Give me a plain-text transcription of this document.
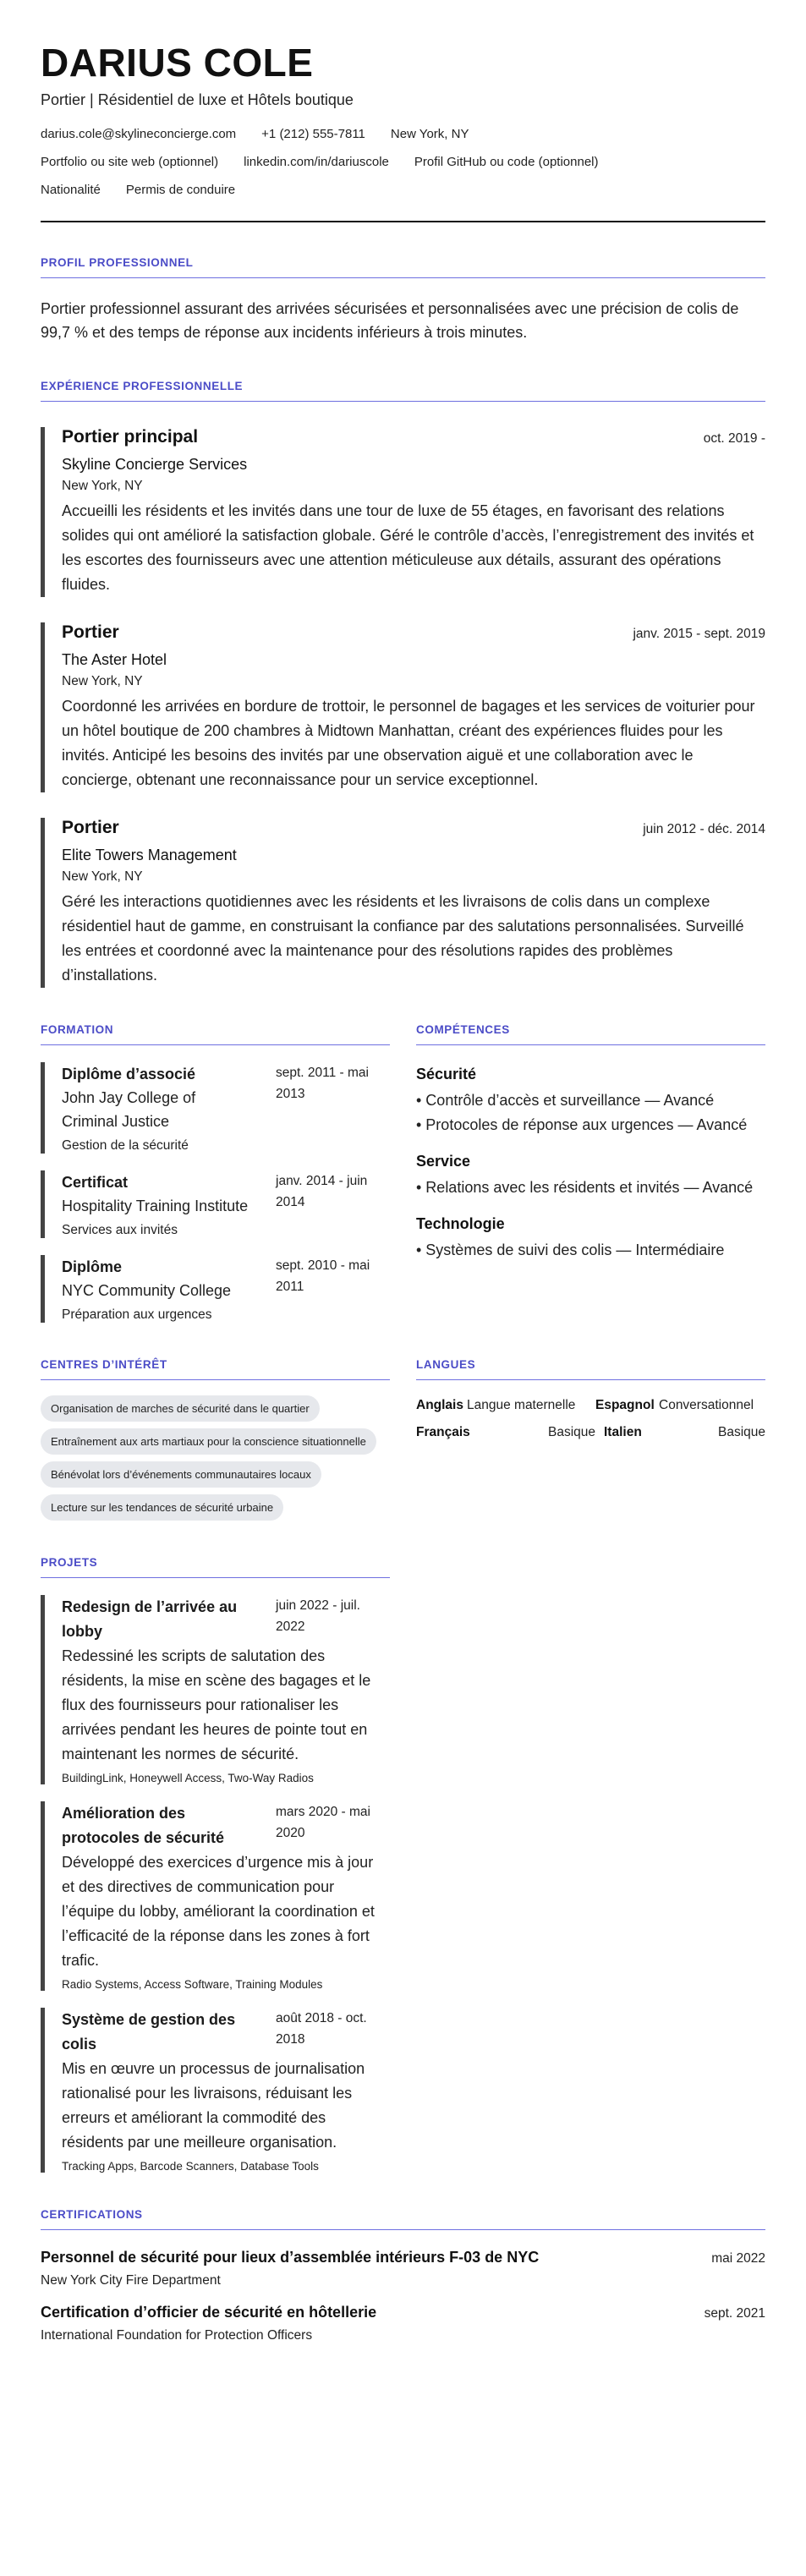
DARIUS COLE
Portier | Résidentiel de luxe et Hôtels boutique
darius.cole@skylineconcierge.com +1 (212) 555-7811 New York, NY
Portfolio ou site web (optionnel) linkedin.com/in/dariuscole Profil GitHub ou code (optionnel)
Nationalité Permis de conduire
PROFIL PROFESSIONNEL
Portier professionnel assurant des arrivées sécurisées et personnalisées avec une précision de colis de 99,7 % et des temps de réponse aux incidents inférieurs à trois minutes.
EXPÉRIENCE PROFESSIONNELLE
Portier principal	oct. 2019 -
Skyline Concierge Services
New York, NY
Accueilli les résidents et les invités dans une tour de luxe de 55 étages, en favorisant des relations solides qui ont amélioré la satisfaction globale. Géré le contrôle d’accès, l’enregistrement des invités et les escortes des fournisseurs avec une attention méticuleuse aux détails, assurant des opérations fluides.
Portier	janv. 2015 - sept. 2019
The Aster Hotel
New York, NY
Coordonné les arrivées en bordure de trottoir, le personnel de bagages et les services de voiturier pour un hôtel boutique de 200 chambres à Midtown Manhattan, créant des expériences fluides pour les invités. Anticipé les besoins des invités par une observation aiguë et une collaboration avec le concierge, obtenant une reconnaissance pour un service exceptionnel.
Portier	juin 2012 - déc. 2014
Elite Towers Management
New York, NY
Géré les interactions quotidiennes avec les résidents et les livraisons de colis dans un complexe résidentiel haut de gamme, en construisant la confiance par des salutations personnalisées. Surveillé les entrées et coordonné avec la maintenance pour des résolutions rapides des problèmes d’installations.
FORMATION
Diplôme d’associé
John Jay College of Criminal Justice
Gestion de la sécurité
sept. 2011 - mai 2013
Certificat
Hospitality Training Institute
Services aux invités
janv. 2014 - juin 2014
Diplôme
NYC Community College
Préparation aux urgences
sept. 2010 - mai 2011
COMPÉTENCES
Sécurité
• Contrôle d’accès et surveillance — Avancé
• Protocoles de réponse aux urgences — Avancé
Service
• Relations avec les résidents et invités — Avancé
Technologie
• Systèmes de suivi des colis — Intermédiaire
CENTRES D’INTÉRÊT
Organisation de marches de sécurité dans le quartier
Entraînement aux arts martiaux pour la conscience situationnelle
Bénévolat lors d’événements communautaires locaux
Lecture sur les tendances de sécurité urbaine
LANGUES
Anglais Langue maternelle	Espagnol Conversationnel
Français	Basique Italien	Basique
PROJETS
Redesign de l’arrivée au lobby
juin 2022 - juil. 2022
Redessiné les scripts de salutation des résidents, la mise en scène des bagages et le flux des fournisseurs pour rationaliser les arrivées pendant les heures de pointe tout en maintenant les normes de sécurité.
BuildingLink, Honeywell Access, Two-Way Radios
Amélioration des protocoles de sécurité
mars 2020 - mai 2020
Développé des exercices d’urgence mis à jour et des directives de communication pour l’équipe du lobby, améliorant la coordination et l’efficacité de la réponse dans les zones à fort trafic.
Radio Systems, Access Software, Training Modules
Système de gestion des colis
août 2018 - oct. 2018
Mis en œuvre un processus de journalisation rationalisé pour les livraisons, réduisant les erreurs et améliorant la commodité des résidents par une meilleure organisation.
Tracking Apps, Barcode Scanners, Database Tools
CERTIFICATIONS
Personnel de sécurité pour lieux d’assemblée intérieurs F-03 de NYC	mai 2022
New York City Fire Department
Certification d’officier de sécurité en hôtellerie	sept. 2021
International Foundation for Protection Officers
